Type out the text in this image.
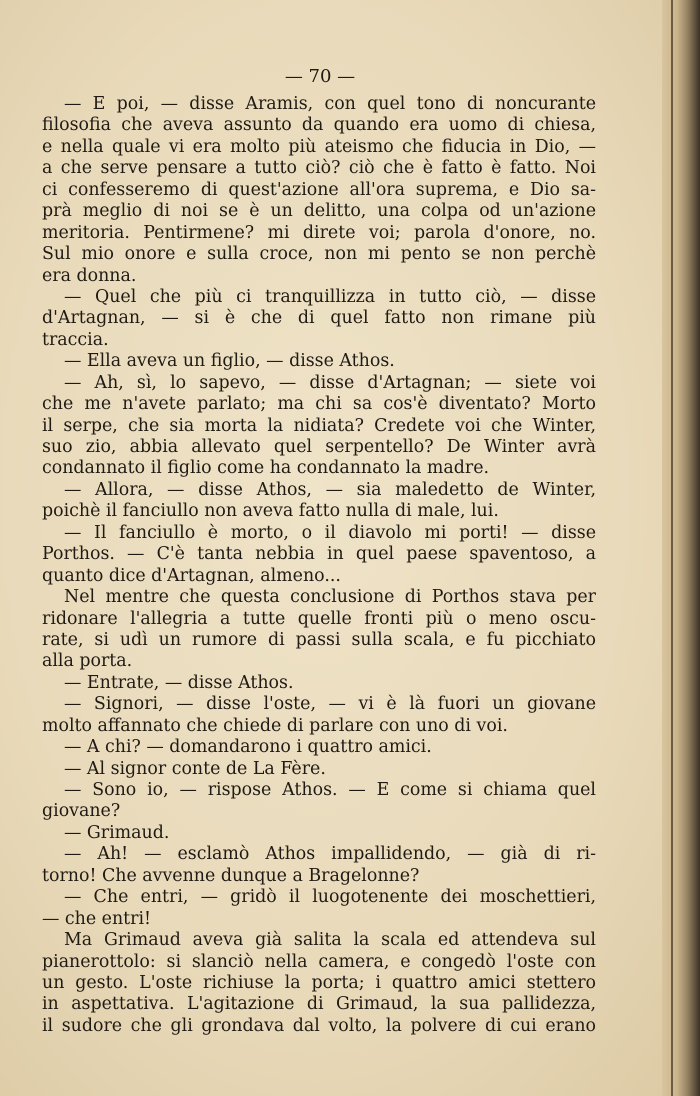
— 70 —
— E poi, — disse Aramis, con quel tono di noncurante
filosofia che aveva assunto da quando era uomo di chiesa,
e nella quale vi era molto più ateismo che fiducia in Dio, —
a che serve pensare a tutto ciò? ciò che è fatto è fatto. Noi
ci confesseremo di quest'azione all'ora suprema, e Dio sa-
prà meglio di noi se è un delitto, una colpa od un'azione
meritoria. Pentirmene? mi direte voi; parola d'onore, no.
Sul mio onore e sulla croce, non mi pento se non perchè
era donna.
— Quel che più ci tranquillizza in tutto ciò, — disse
d'Artagnan, — si è che di quel fatto non rimane più
traccia.
— Ella aveva un figlio, — disse Athos.
— Ah, sì, lo sapevo, — disse d'Artagnan; — siete voi
che me n'avete parlato; ma chi sa cos'è diventato? Morto
il serpe, che sia morta la nidiata? Credete voi che Winter,
suo zio, abbia allevato quel serpentello? De Winter avrà
condannato il figlio come ha condannato la madre.
— Allora, — disse Athos, — sia maledetto de Winter,
poichè il fanciullo non aveva fatto nulla di male, lui.
— Il fanciullo è morto, o il diavolo mi porti! — disse
Porthos. — C'è tanta nebbia in quel paese spaventoso, a
quanto dice d'Artagnan, almeno...
Nel mentre che questa conclusione di Porthos stava per
ridonare l'allegria a tutte quelle fronti più o meno oscu-
rate, si udì un rumore di passi sulla scala, e fu picchiato
alla porta.
— Entrate, — disse Athos.
— Signori, — disse l'oste, — vi è là fuori un giovane
molto affannato che chiede di parlare con uno di voi.
— A chi? — domandarono i quattro amici.
— Al signor conte de La Fère.
— Sono io, — rispose Athos. — E come si chiama quel
giovane?
— Grimaud.
— Ah! — esclamò Athos impallidendo, — già di ri-
torno! Che avvenne dunque a Bragelonne?
— Che entri, — gridò il luogotenente dei moschettieri,
— che entri!
Ma Grimaud aveva già salita la scala ed attendeva sul
pianerottolo: si slanciò nella camera, e congedò l'oste con
un gesto. L'oste richiuse la porta; i quattro amici stettero
in aspettativa. L'agitazione di Grimaud, la sua pallidezza,
il sudore che gli grondava dal volto, la polvere di cui erano
